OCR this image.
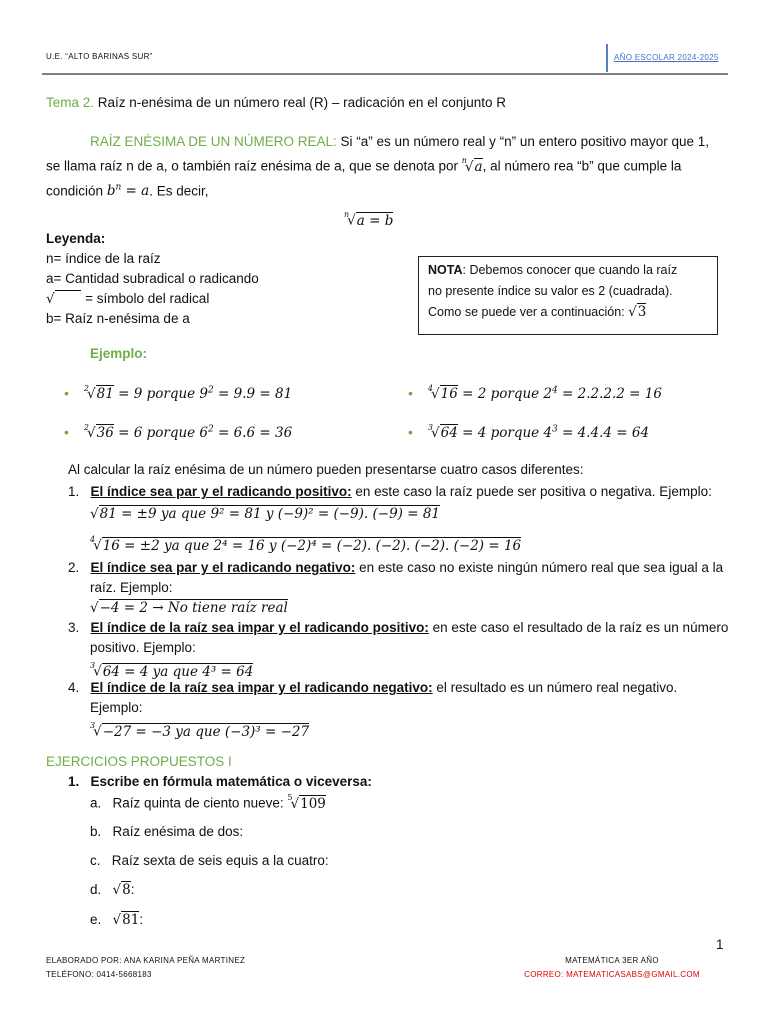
U.E. “ALTO BARINAS SUR”	AÑO ESCOLAR 2024-2025
Tema 2. Raíz n-enésima de un número real (R) – radicación en el conjunto R
RAÍZ ENÉSIMA DE UN NÚMERO REAL: Si “a” es un número real y “n” un entero positivo mayor que 1,
se llama raíz n de a, o también raíz enésima de a, que se denota por $^n$√a, al número rea “b” que cumple la
condición $b^n = a$. Es decir,
$^n$√a = b
Leyenda:
n= índice de la raíz
a= Cantidad subradical o radicando
√ = símbolo del radical
b= Raíz n-enésima de a
NOTA: Debemos conocer que cuando la raíz
no presente índice su valor es 2 (cuadrada).
Como se puede ver a continuación: √3
Ejemplo:
• $^2$√81 = 9 porque $9^2 = 9.9 = 81$	• $^4$√16 = 2 porque $2^4 = 2.2.2.2 = 16$
• $^2$√36 = 6 porque $6^2 = 6.6 = 36$	• $^3$√64 = 4 porque $4^3 = 4.4.4 = 64$
Al calcular la raíz enésima de un número pueden presentarse cuatro casos diferentes:
1. El índice sea par y el radicando positivo: en este caso la raíz puede ser positiva o negativa. Ejemplo:
√81 = ±9 ya que 9² = 81 y (−9)² = (−9). (−9) = 81
$^4$√16 = ±2 ya que 2⁴ = 16 y (−2)⁴ = (−2). (−2). (−2). (−2) = 16
2. El índice sea par y el radicando negativo: en este caso no existe ningún número real que sea igual a la
raíz. Ejemplo:
√−4 = 2 → No tiene raíz real
3. El índice de la raíz sea impar y el radicando positivo: en este caso el resultado de la raíz es un número
positivo. Ejemplo:
$^3$√64 = 4 ya que 4³ = 64
4. El índice de la raíz sea impar y el radicando negativo: el resultado es un número real negativo.
Ejemplo:
$^3$√−27 = −3 ya que (−3)³ = −27
EJERCICIOS PROPUESTOS I
1. Escribe en fórmula matemática o viceversa:
a. Raíz quinta de ciento nueve: $^5$√109
b. Raíz enésima de dos:
c. Raíz sexta de seis equis a la cuatro:
d. √8:
e. √81:
1
ELABORADO POR: ANA KARINA PEÑA MARTINEZ
TELÉFONO: 0414-5668183
MATEMÁTICA 3ER AÑO
CORREO: MATEMATICASABS@GMAIL.COM
